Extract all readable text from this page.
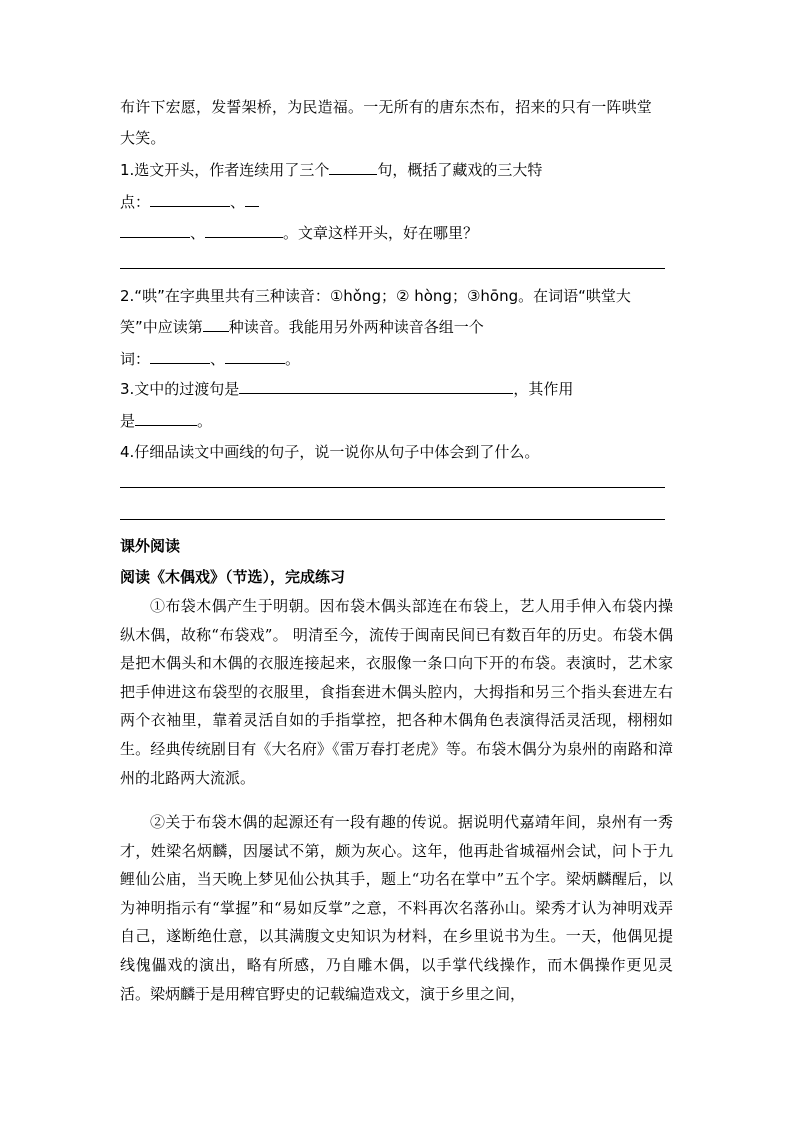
布许下宏愿，发誓架桥，为民造福。一无所有的唐东杰布，招来的只有一阵哄堂
大笑。
1.选文开头，作者连续用了三个	句，概括了藏戏的三大特
点：	、
、	。文章这样开头，好在哪里？
2.“哄”在字典里共有三种读音：①hǒng；② hòng；③hōng。在词语“哄堂大
笑”中应读第 种读音。我能用另外两种读音各组一个
词：	、	。
3.文中的过渡句是	，其作用
是	。
4.仔细品读文中画线的句子，说一说你从句子中体会到了什么。
课外阅读
阅读《木偶戏》（节选），完成练习
①布袋木偶产生于明朝。因布袋木偶头部连在布袋上，艺人用手伸入布袋内操纵木偶，故称“布袋戏”。 明清至今，流传于闽南民间已有数百年的历史。布袋木偶是把木偶头和木偶的衣服连接起来，衣服像一条口向下开的布袋。表演时，艺术家把手伸进这布袋型的衣服里，食指套进木偶头腔内，大拇指和另三个指头套进左右两个衣袖里，靠着灵活自如的手指掌控，把各种木偶角色表演得活灵活现，栩栩如生。经典传统剧目有《大名府》《雷万春打老虎》等。布袋木偶分为泉州的南路和漳州的北路两大流派。
②关于布袋木偶的起源还有一段有趣的传说。据说明代嘉靖年间，泉州有一秀才，姓梁名炳麟，因屡试不第，颇为灰心。这年，他再赴省城福州会试，问卜于九鲤仙公庙，当天晚上梦见仙公执其手，题上“功名在掌中”五个字。梁炳麟醒后，以为神明指示有“掌握”和“易如反掌”之意，不料再次名落孙山。梁秀才认为神明戏弄自己，遂断绝仕意，以其满腹文史知识为材料，在乡里说书为生。一天，他偶见提线傀儡戏的演出，略有所感，乃自雕木偶，以手掌代线操作，而木偶操作更见灵活。梁炳麟于是用稗官野史的记载编造戏文，演于乡里之间，
